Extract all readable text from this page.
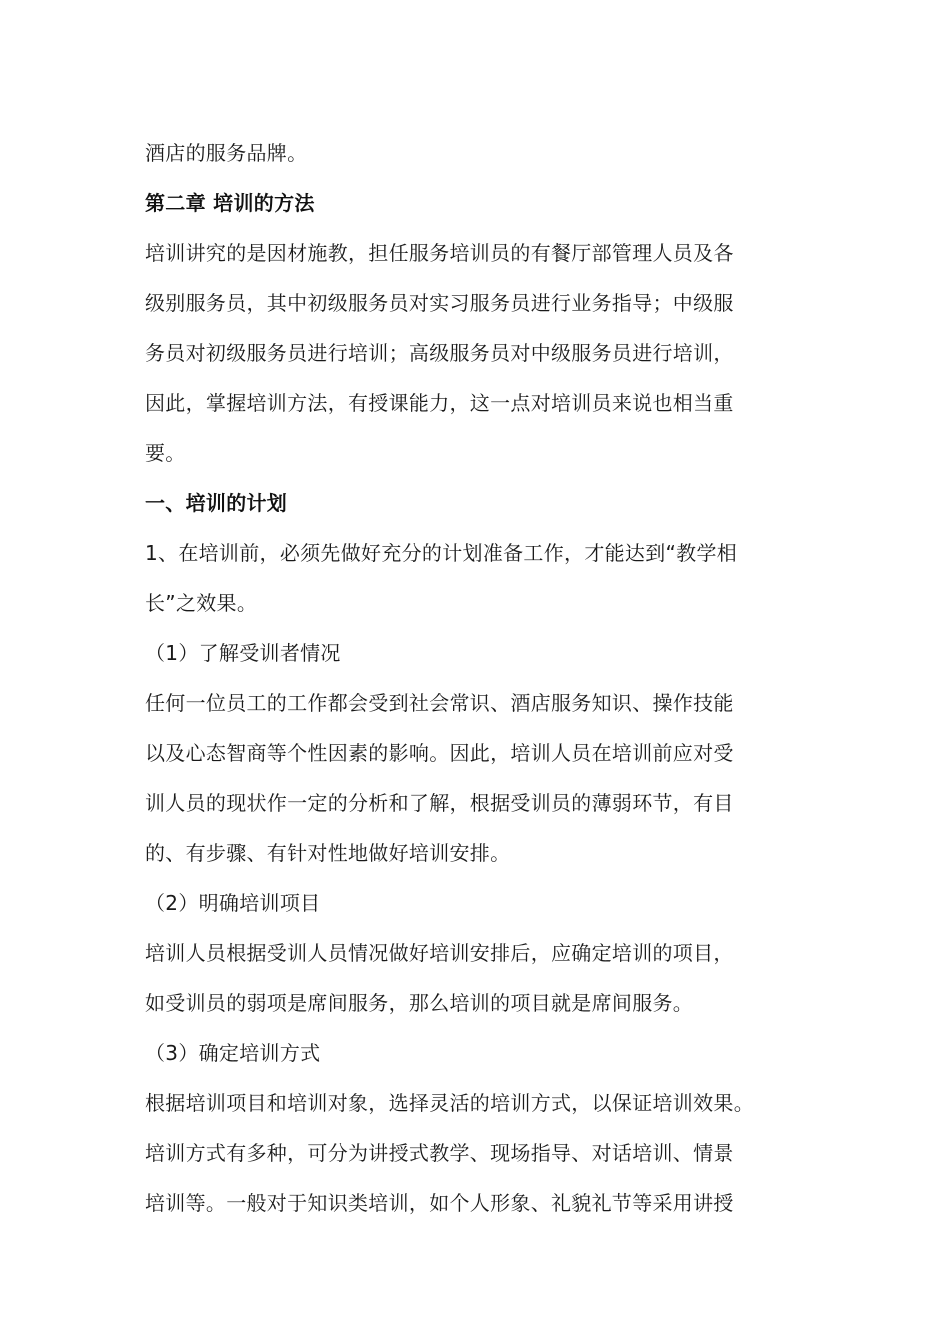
酒店的服务品牌。
第二章 培训的方法
培训讲究的是因材施教，担任服务培训员的有餐厅部管理人员及各
级别服务员，其中初级服务员对实习服务员进行业务指导；中级服
务员对初级服务员进行培训；高级服务员对中级服务员进行培训，
因此，掌握培训方法，有授课能力，这一点对培训员来说也相当重
要。
一、培训的计划
1、在培训前，必须先做好充分的计划准备工作，才能达到“教学相
长”之效果。
（1）了解受训者情况
任何一位员工的工作都会受到社会常识、酒店服务知识、操作技能
以及心态智商等个性因素的影响。因此，培训人员在培训前应对受
训人员的现状作一定的分析和了解，根据受训员的薄弱环节，有目
的、有步骤、有针对性地做好培训安排。
（2）明确培训项目
培训人员根据受训人员情况做好培训安排后，应确定培训的项目，
如受训员的弱项是席间服务，那么培训的项目就是席间服务。
（3）确定培训方式
根据培训项目和培训对象，选择灵活的培训方式，以保证培训效果。
培训方式有多种，可分为讲授式教学、现场指导、对话培训、情景
培训等。一般对于知识类培训，如个人形象、礼貌礼节等采用讲授
